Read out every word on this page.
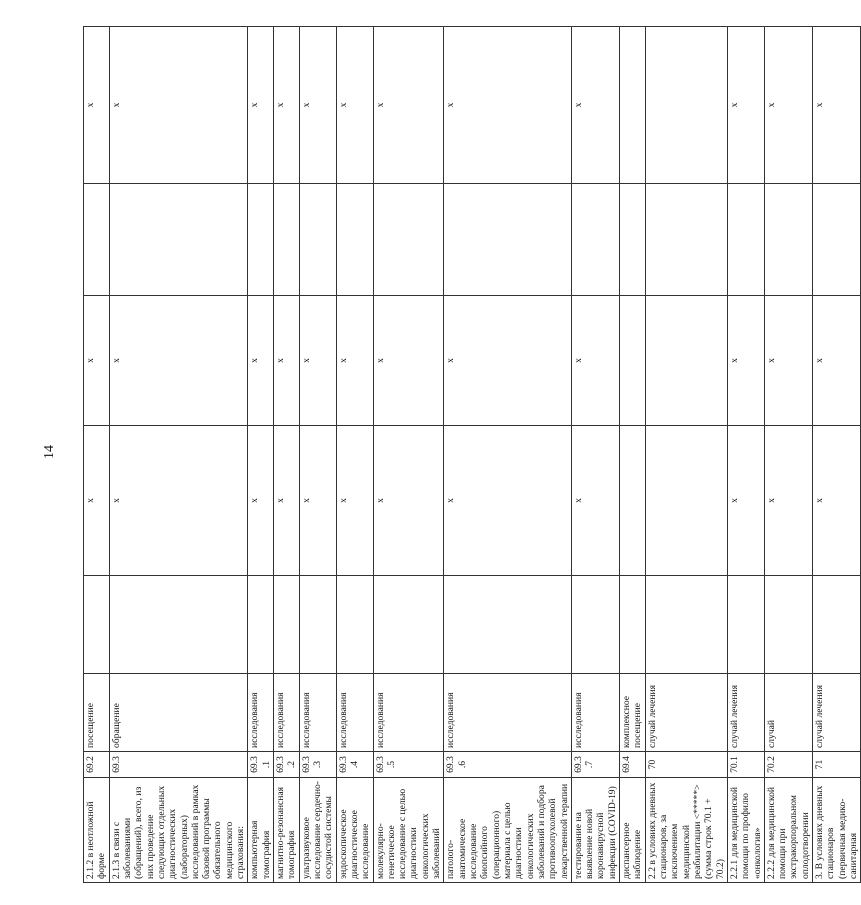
14
2.1.2 в неотложной форме	69.2	посещение		х	х		х
2.1.3 в связи с заболеваниями (обращений), всего, из них проведение следующих отдельных диагностических (лабораторных) исследований в рамках базовой программы обязательного медицинского страхования:	69.3	обращение		х	х		х
компьютерная томография	69.3.1	исследования		х	х		х
магнитно-резонансная томография	69.3.2	исследования		х	х		х
ультразвуковое исследование сердечно-сосудистой системы	69.3.3	исследования		х	х		х
эндоскопическое диагностическое исследование	69.3.4	исследования		х	х		х
молекулярно-генетическое исследование с целью диагностики онкологических заболеваний	69.3.5	исследования		х	х		х
патолого-анатомическое исследование биопсийного (операционного) материала с целью диагностики онкологических заболеваний и подбора противоопухолевой лекарственной терапии	69.3.6	исследования		х	х		х
тестирование на выявление новой коронавирусной инфекции (COVID-19)	69.3.7	исследования		х	х		х
диспансерное наблюдение	69.4	комплексное посещение					
2.2 в условиях дневных стационаров, за исключением медицинской реабилитации <*****> (сумма строк 70.1 + 70.2)	70	случай лечения					
2.2.1 для медицинской помощи по профилю «онкология»	70.1	случай лечения		х	х		х
2.2.2 для медицинской помощи при экстракорпоральном оплодотворении	70.2	случай		х	х		х
3. В условиях дневных стационаров (первичная медико-санитарная	71	случай лечения		х	х		х
